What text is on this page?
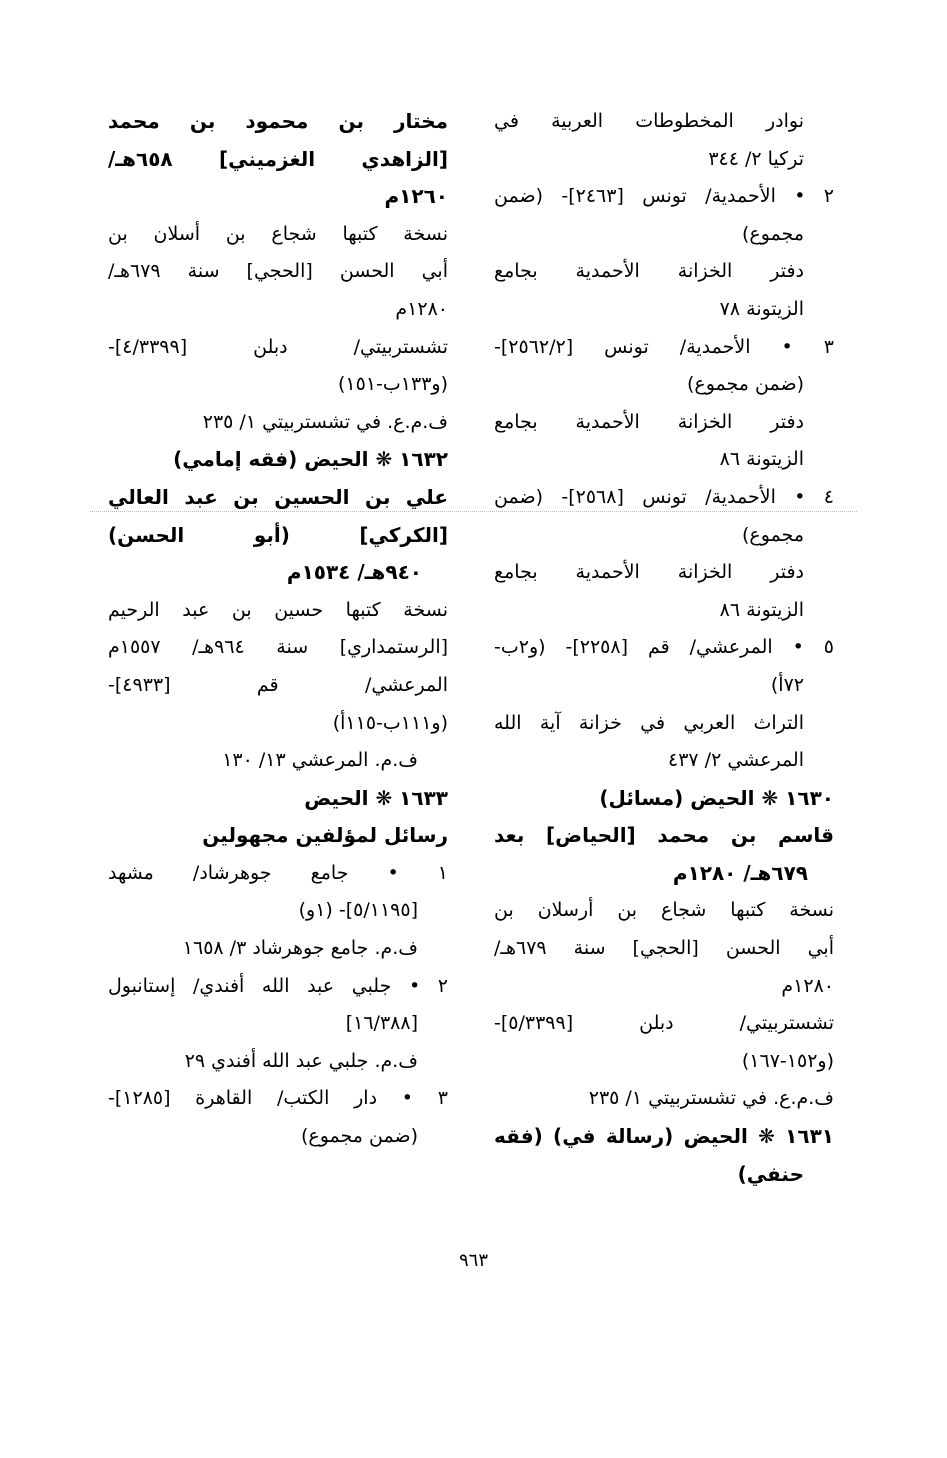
نوادر المخطوطات العربية في
تركيا ٢/ ٣٤٤
٢ • الأحمدية/ تونس [٢٤٦٣]- (ضمن
مجموع)
دفتر الخزانة الأحمدية بجامع
الزيتونة ٧٨
٣ • الأحمدية/ تونس [٢٥٦٢/٢]-
(ضمن مجموع)
دفتر الخزانة الأحمدية بجامع
الزيتونة ٨٦
٤ • الأحمدية/ تونس [٢٥٦٨]- (ضمن
مجموع)
دفتر الخزانة الأحمدية بجامع
الزيتونة ٨٦
٥ • المرعشي/ قم [٢٢٥٨]- (و٢ب-
٧٢أ)
التراث العربي في خزانة آية الله
المرعشي ٢/ ٤٣٧
١٦٣٠ ❋ الحيض (مسائل)
قاسم بن محمد [الحياض] بعد
٦٧٩هـ/ ١٢٨٠م
نسخة كتبها شجاع بن أرسلان بن
أبي الحسن [الحجي] سنة ٦٧٩هـ/
١٢٨٠م
تشستربيتي/ دبلن [٥/٣٣٩٩]-
(و١٥٢-١٦٧)
ف.م.ع. في تشستربيتي ١/ ٢٣٥
١٦٣١ ❋ الحيض (رسالة في) (فقه
حنفي)
مختار بن محمود بن محمد
[الزاهدي الغزميني] ٦٥٨هـ/
١٢٦٠م
نسخة كتبها شجاع بن أسلان بن
أبي الحسن [الحجي] سنة ٦٧٩هـ/
١٢٨٠م
تشستربيتي/ دبلن [٤/٣٣٩٩]-
(و١٣٣ب-١٥١)
ف.م.ع. في تشستربيتي ١/ ٢٣٥
١٦٣٢ ❋ الحيض (فقه إمامي)
علي بن الحسين بن عبد العالي
[الكركي] (أبو الحسن)
٩٤٠هـ/ ١٥٣٤م
نسخة كتبها حسين بن عبد الرحيم
[الرستمداري] سنة ٩٦٤هـ/ ١٥٥٧م
المرعشي/ قم [٤٩٣٣]-
(و١١١ب-١١٥أ)
ف.م. المرعشي ١٣/ ١٣٠
١٦٣٣ ❋ الحيض
رسائل لمؤلفين مجهولين
١ • جامع جوهرشاد/ مشهد
[٥/١١٩٥]- (١و)
ف.م. جامع جوهرشاد ٣/ ١٦٥٨
٢ • جلبي عبد الله أفندي/ إستانبول
[١٦/٣٨٨]
ف.م. جلبي عبد الله أفندي ٢٩
٣ • دار الكتب/ القاهرة [١٢٨٥]-
(ضمن مجموع)
٩٦٣
